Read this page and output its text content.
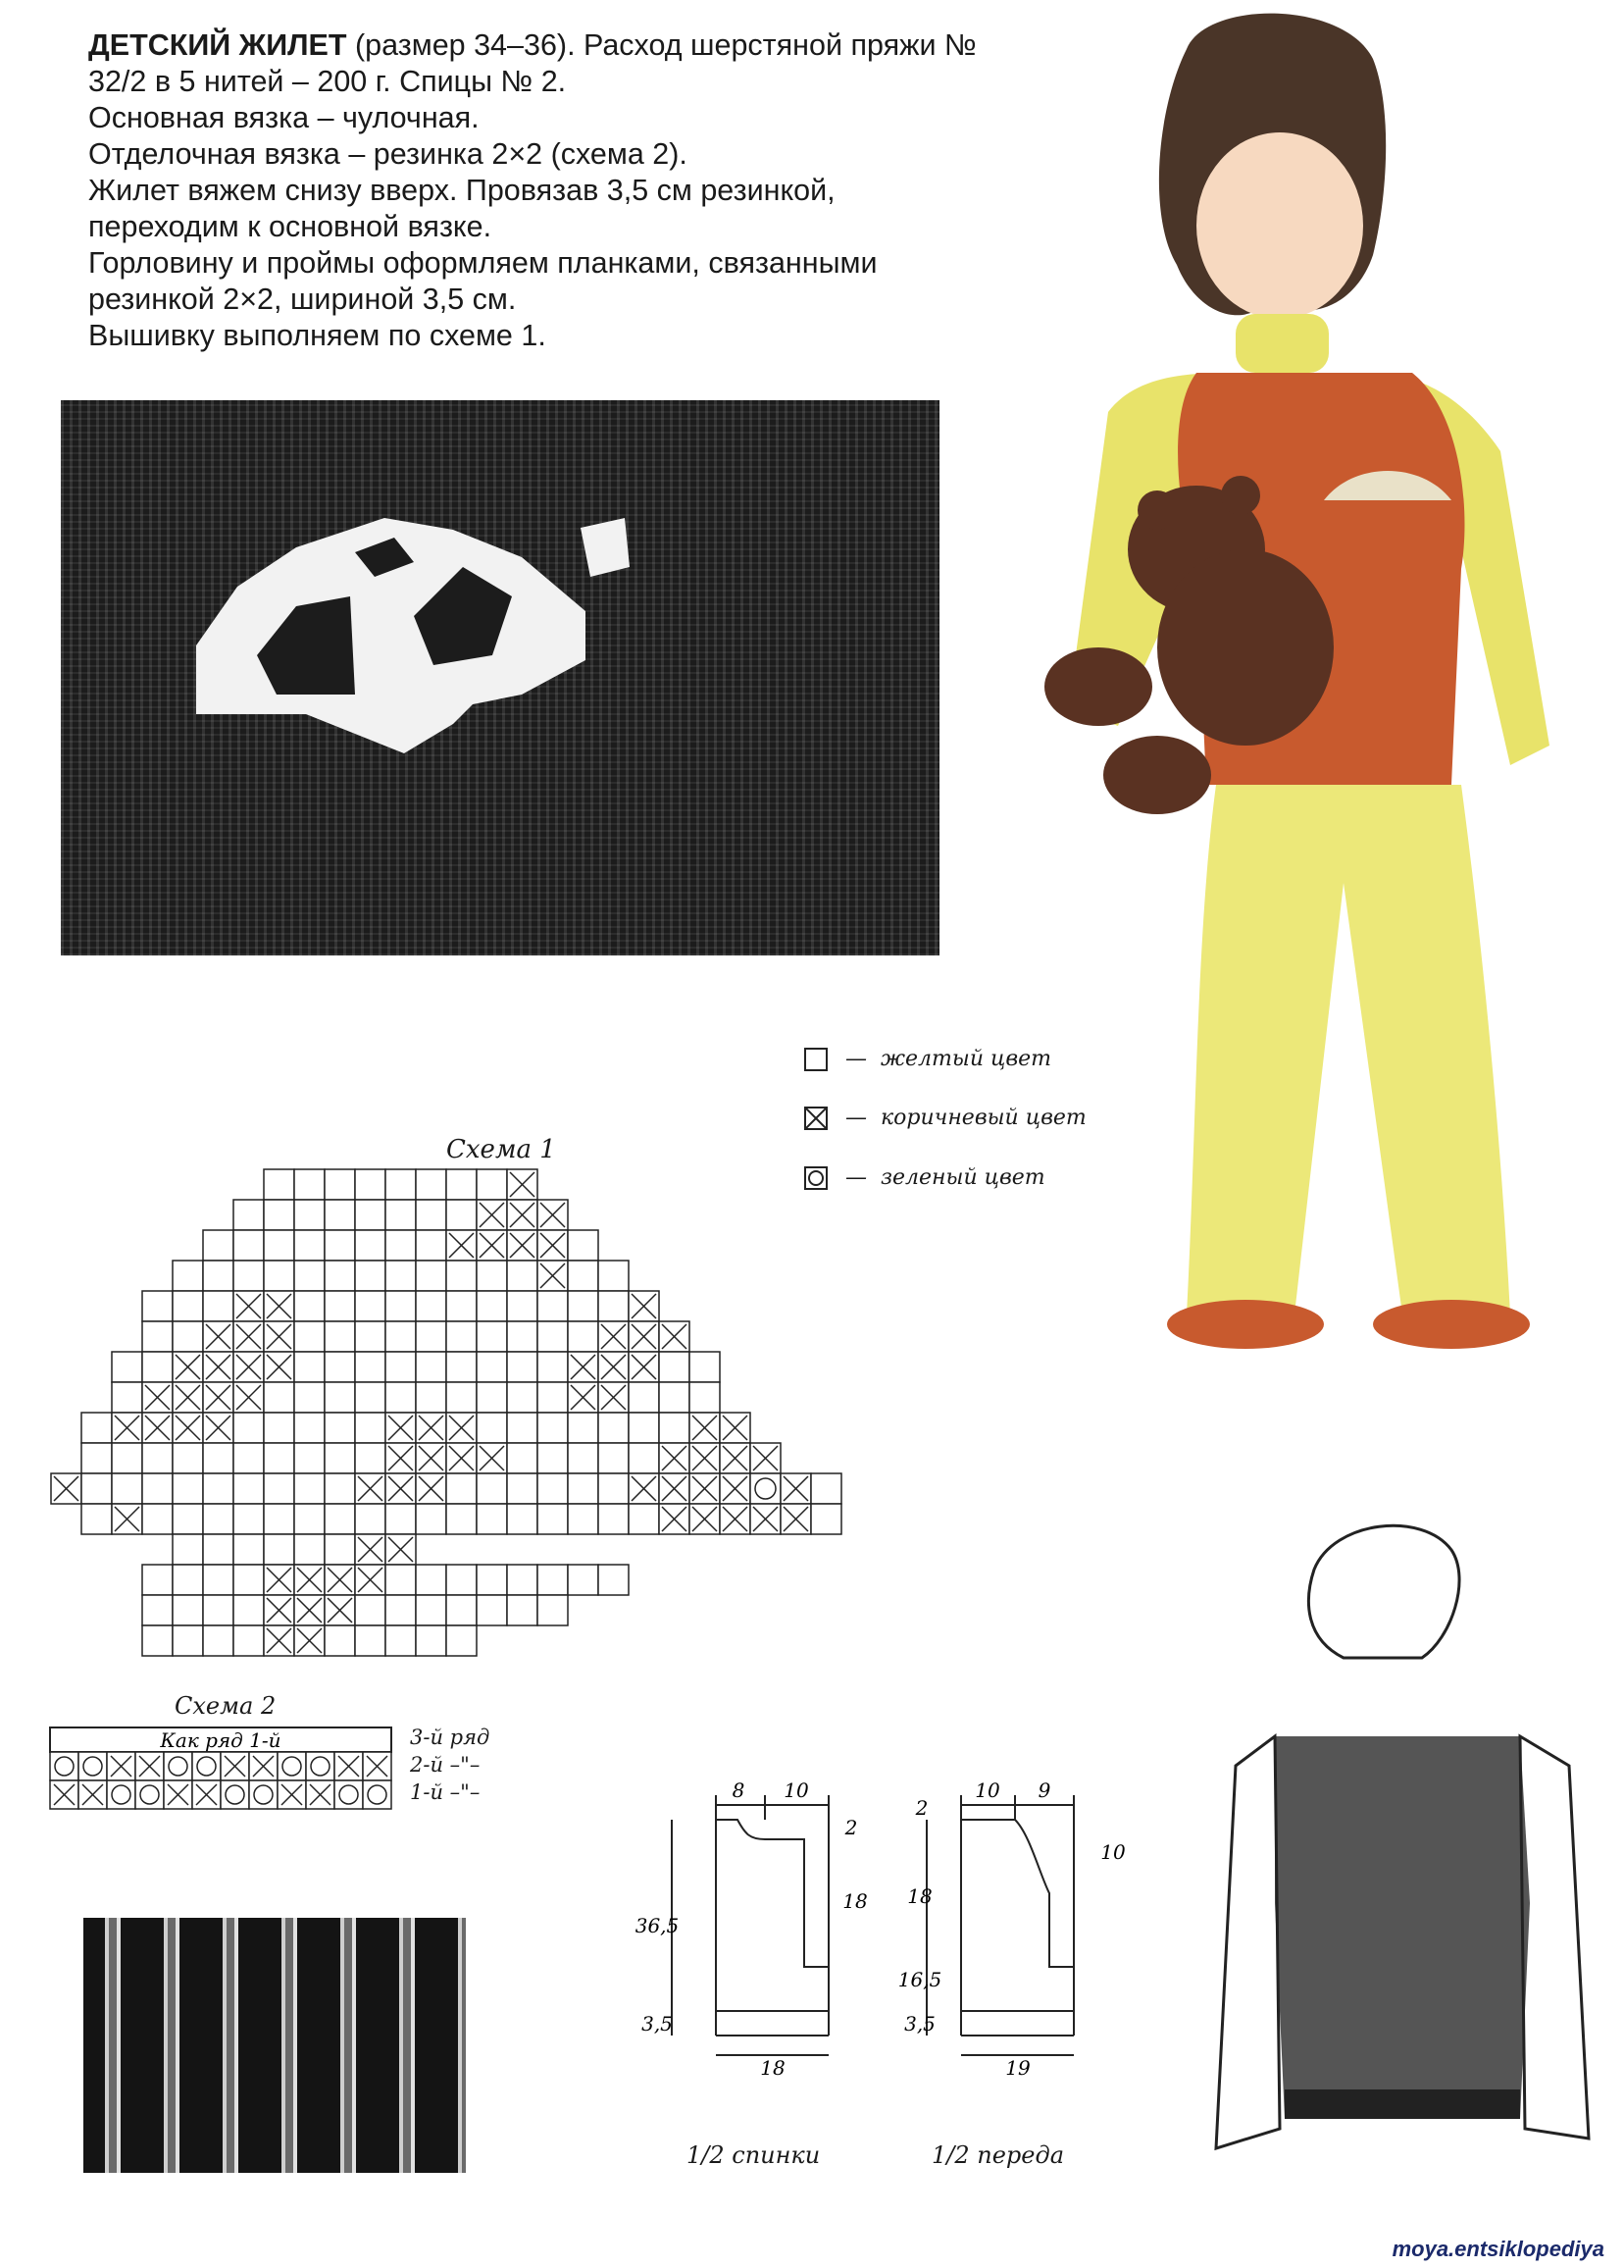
ДЕТСКИЙ ЖИЛЕТ (размер 34–36). Расход шерстяной пряжи № 32/2 в 5 нитей – 200 г. Спицы № 2.

Основная вязка – чулочная.

Отделочная вязка – резинка 2×2 (схема 2).

Жилет вяжем снизу вверх. Провязав 3,5 см резинкой, переходим к основной вязке.

Горловину и проймы оформляем планками, связанными резинкой 2×2, шириной 3,5 см.

Вышивку выполняем по схеме 1.

— желтый цвет
— коричневый цвет
— зеленый цвет
Схема 1
Схема 2
Как ряд 1-й	3-й ряд
2-й –"–
1-й –"–	8 10
2
18
36,5
3,5
18
10 9
2
10
18
16,5
3,5
19
1/2 спинки	1/2 переда
moya.entsiklopediya
